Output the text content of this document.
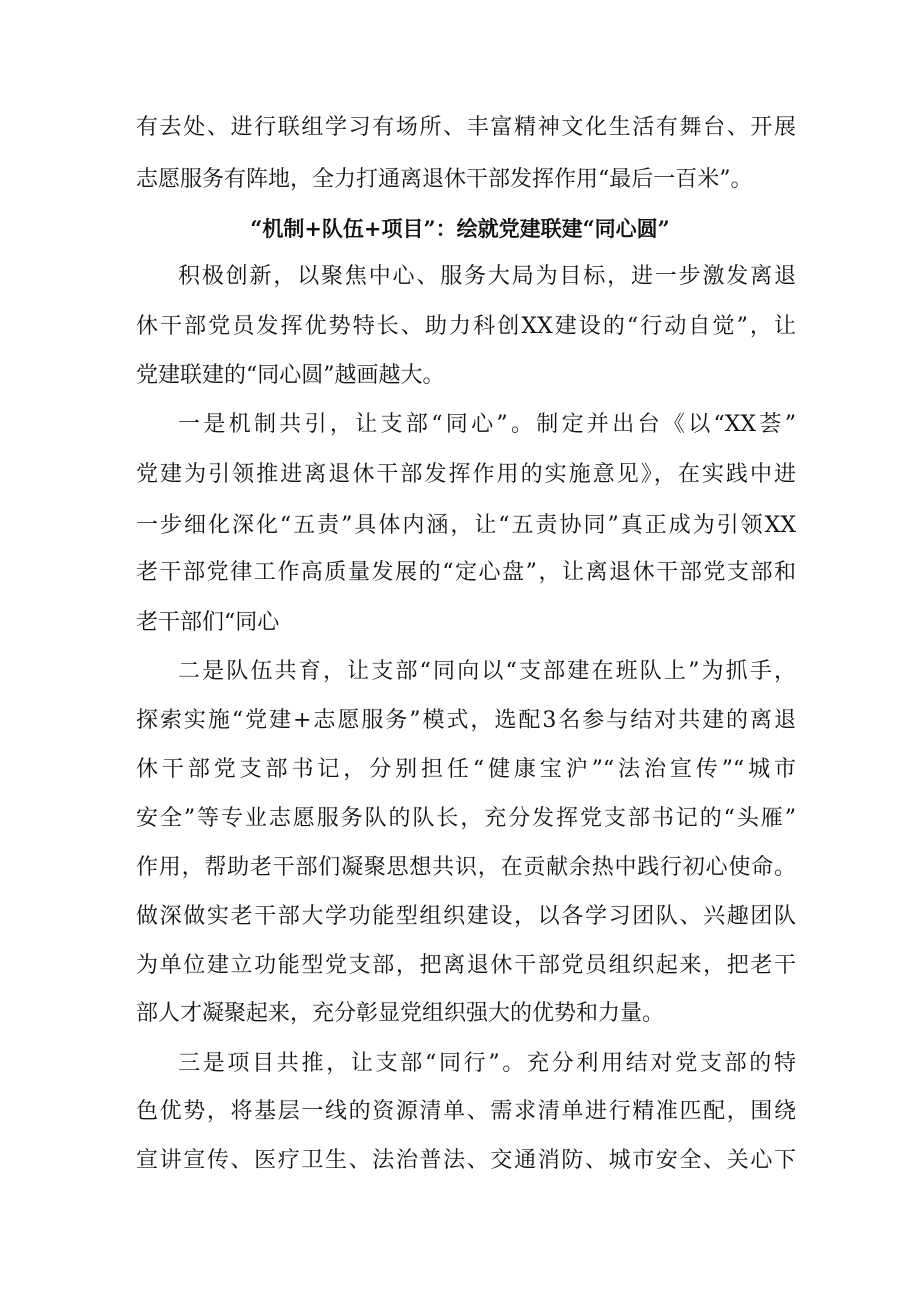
有去处、进行联组学习有场所、丰富精神文化生活有舞台、开展
志愿服务有阵地，全力打通离退休干部发挥作用“最后一百米”。
“机制+队伍+项目”：绘就党建联建“同心圆”
积极创新，以聚焦中心、服务大局为目标，进一步激发离退
休干部党员发挥优势特长、助力科创XX建设的“行动自觉”，让
党建联建的“同心圆”越画越大。
一是机制共引，让支部“同心”。制定并出台《以“XX荟”
党建为引领推进离退休干部发挥作用的实施意见》，在实践中进
一步细化深化“五责”具体内涵，让“五责协同”真正成为引领XX
老干部党律工作高质量发展的“定心盘”，让离退休干部党支部和
老干部们“同心
二是队伍共育，让支部“同向以“支部建在班队上”为抓手，
探索实施“党建+志愿服务”模式，选配3名参与结对共建的离退
休干部党支部书记，分别担任“健康宝沪”“法治宣传”“城市
安全”等专业志愿服务队的队长，充分发挥党支部书记的“头雁”
作用，帮助老干部们凝聚思想共识，在贡献余热中践行初心使命。
做深做实老干部大学功能型组织建设，以各学习团队、兴趣团队
为单位建立功能型党支部，把离退休干部党员组织起来，把老干
部人才凝聚起来，充分彰显党组织强大的优势和力量。
三是项目共推，让支部“同行”。充分利用结对党支部的特
色优势，将基层一线的资源清单、需求清单进行精准匹配，围绕
宣讲宣传、医疗卫生、法治普法、交通消防、城市安全、关心下
